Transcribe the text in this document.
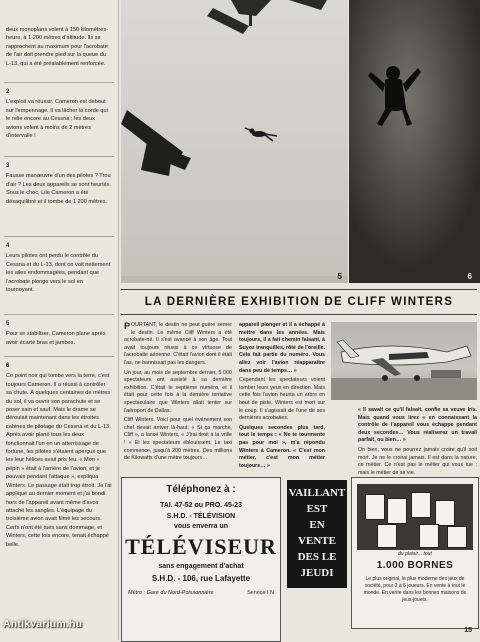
deux monoplans volent à 150 kilomètres-heure, à 1 200 mètres d'altitude. Ils se rapprochent au maximum pour l'acrobate de l'air doit prendre pied sur la queue du L-13, qui a été préalablement renforcée.

2

L'exploit va réussir. Cameron est debout sur l'empennage. Il va lâcher la corde qui le relie encore au Cessna ; les deux avions volent à moins de 2 mètres d'intervalle !

3

Fausse manœuvre d'un des pilotes ? Trou d'air ? Les deux appareils se sont heurtés. Sous le choc, Lile Cameron a été désaquilibré et il tombe de 1 200 mètres.

4

Leurs pilotes ont perdu le contrôle du Cessna et du L-13, dont on voit nettement les ailes endommagées, pendant que l'acrobate plonge vers le sol en tournoyant.

5

Pour se stabiliser, Cameron plane après avoir écarté bras et jambes.

6

Ce point noir qui tombe vers la terre, c'est toujours Cameron. Il a réussi à contrôler sa chute. À quelques centaines de mètres du sol, il va ouvrir son parachute et se poser sain et sauf. Mais le drame se déroulait maintenant dans les étroites cabines de pilotage du Cessna et du L-13. Après avoir plané tous les deux fonctionnait l'un en un atterrissage de fortune, les pilotes s'étaient aperçus que les leur hélices avait pris feu. « Mon « pépin » était à l'arrière de l'avion, et je pouvais pendant l'attaque », expliqua Winters. Le passage était trop étroit. Je l'ai appliqué au dernier moment et j'ai bondi hors de l'appareil avant même d'avoir attaché les sangles. L'équipage du troisième avion avait filmé les secours. Cerfs n'ont été tués sans dommage, et Winters, cette fois encore, tenait échappé belle.

5	6
LA DERNIÈRE EXHIBITION DE CLIFF WINTERS
P OURTANT, le destin ne peut guère semer le destin. Le même Cliff Winters a été acrobate-né. Il s'est avancé à son âge. Tout avait toujours réussi à ce virtuose de l'acrobatie aérienne. C'était l'avion dont il était l'as, ne bannissait pas les dangers.

Un jour, au mois de septembre dernier, 5 000 spectateurs ont assisté à sa dernière exhibition. C'était le septième numéro, et il était pour cette fois à la dernière tentative spectaculaire que Winters allait tenter sur l'aéroport de Dallas.

Cliff Winters. Voici pour quel événement son chef devait arriver là-haut. « Si ça marche, Cliff », a lancé Winters, « J'irai droit à la vrille ! » Et les spectateurs éblouissent. Le taxi commence, jusqu'à 200 mètres. Des millions de Kilowatts d'une mètre toujours…

appareil plonger et il a échappé à mettre dans les années. Mais toujours, il a fait chemin faisant, à Suyoz tranquilles, rôté de l'oreille. Cela fait partie du numéro. Vous allez voir l'avion réapparaître dans peu de temps… »

Cependant les spectateurs voient tomber leurs yeux en direction. Mais cette fois l'avion heurta un arbre en bout de piste. Winters est mort sur le coup. Il s'agissait de l'une de ses dernières acrobaties.

Quelques secondes plus tard, tout le temps : « Ne te tourmente pas pour moi », m'a répondu Winters à Cameron. « C'est mon métier, c'est mon métier toujours… »

« Il savait ce qu'il faisait, confie sa veuve Iris. Mais quand vous lirez « en connaissant la contrôle de l'appareil vous échappe pendant deux secondes… Vous réaliserez un travail parfait, ou bien… »

On bien, vous ne pourrez jamais croire qu'il soit mort. Je ne le croirai jamais. Il est dans la nature, ce métier. Ce n'est pas le métier qui vous tue ; mais le métier de sa vie.

Téléphonez à :
TAI. 47-52 ou PRO. 45-23
S.H.D. - TÉLÉVISION
vous enverra un
TÉLÉVISEUR
sans engagement d'achat
S.H.D. - 106, rue Lafayette
Métro : Gare du Nord-Poissonnière	Service I N
VAILLANT
EST
EN
VENTE
DES LE
JEUDI
du plaisir... tout
1.000 BORNES
Le plus original, le plus moderne des jeux de société, pour 2 à 6 joueurs. En vente à tout le monde. En vente dans les bonnes maisons de jeux-jouets.
15
Antikvarium.hu
